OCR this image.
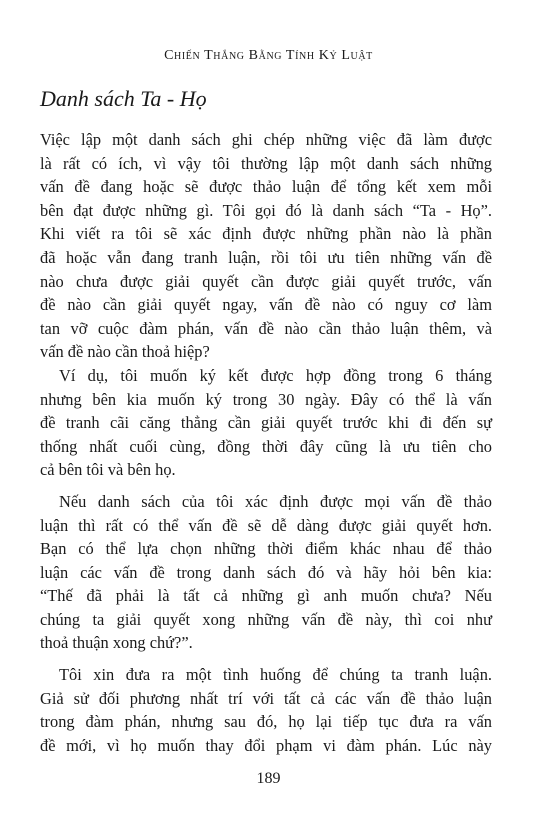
Chiến Thắng Bằng Tính Kỷ Luật
Danh sách Ta - Họ
Việc lập một danh sách ghi chép những việc đã làm được
là rất có ích, vì vậy tôi thường lập một danh sách những
vấn đề đang hoặc sẽ được thảo luận để tổng kết xem mỗi
bên đạt được những gì. Tôi gọi đó là danh sách “Ta - Họ”.
Khi viết ra tôi sẽ xác định được những phần nào là phần
đã hoặc vẫn đang tranh luận, rồi tôi ưu tiên những vấn đề
nào chưa được giải quyết cần được giải quyết trước, vấn
đề nào cần giải quyết ngay, vấn đề nào có nguy cơ làm
tan vỡ cuộc đàm phán, vấn đề nào cần thảo luận thêm, và
vấn đề nào cần thoả hiệp?
Ví dụ, tôi muốn ký kết được hợp đồng trong 6 tháng
nhưng bên kia muốn ký trong 30 ngày. Đây có thể là vấn
đề tranh cãi căng thẳng cần giải quyết trước khi đi đến sự
thống nhất cuối cùng, đồng thời đây cũng là ưu tiên cho
cả bên tôi và bên họ.
Nếu danh sách của tôi xác định được mọi vấn đề thảo
luận thì rất có thể vấn đề sẽ dễ dàng được giải quyết hơn.
Bạn có thể lựa chọn những thời điểm khác nhau để thảo
luận các vấn đề trong danh sách đó và hãy hỏi bên kia:
“Thế đã phải là tất cả những gì anh muốn chưa? Nếu
chúng ta giải quyết xong những vấn đề này, thì coi như
thoả thuận xong chứ?”.
Tôi xin đưa ra một tình huống để chúng ta tranh luận.
Giả sử đối phương nhất trí với tất cả các vấn đề thảo luận
trong đàm phán, nhưng sau đó, họ lại tiếp tục đưa ra vấn
đề mới, vì họ muốn thay đổi phạm vi đàm phán. Lúc này
189
